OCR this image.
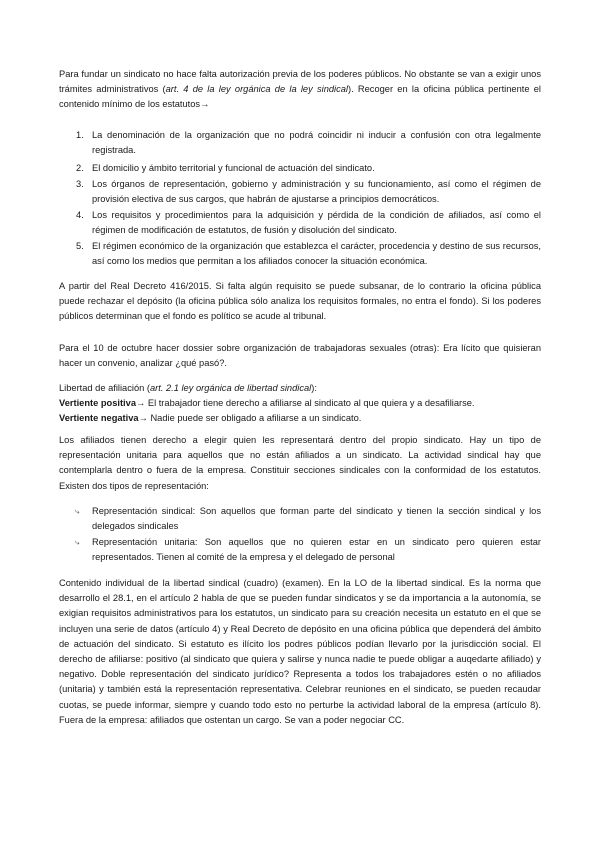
Para fundar un sindicato no hace falta autorización previa de los poderes públicos. No obstante se van a exigir unos trámites administrativos (art. 4 de la ley orgánica de la ley sindical). Recoger en la oficina pública pertinente el contenido mínimo de los estatutos→

1. La denominación de la organización que no podrá coincidir ni inducir a confusión con otra legalmente registrada.
2. El domicilio y ámbito territorial y funcional de actuación del sindicato.
3. Los órganos de representación, gobierno y administración y su funcionamiento, así como el régimen de provisión electiva de sus cargos, que habrán de ajustarse a principios democráticos.
4. Los requisitos y procedimientos para la adquisición y pérdida de la condición de afiliados, así como el régimen de modificación de estatutos, de fusión y disolución del sindicato.
5. El régimen económico de la organización que establezca el carácter, procedencia y destino de sus recursos, así como los medios que permitan a los afiliados conocer la situación económica.

A partir del Real Decreto 416/2015. Si falta algún requisito se puede subsanar, de lo contrario la oficina pública puede rechazar el depósito (la oficina pública sólo analiza los requisitos formales, no entra el fondo). Si los poderes públicos determinan que el fondo es político se acude al tribunal.

Para el 10 de octubre hacer dossier sobre organización de trabajadoras sexuales (otras): Era lícito que quisieran hacer un convenio, analizar ¿qué pasó?.

Libertad de afiliación (art. 2.1 ley orgánica de libertad sindical):

Vertiente positiva→ El trabajador tiene derecho a afiliarse al sindicato al que quiera y a desafiliarse.

Vertiente negativa→ Nadie puede ser obligado a afiliarse a un sindicato.

Los afiliados tienen derecho a elegir quien les representará dentro del propio sindicato. Hay un tipo de representación unitaria para aquellos que no están afiliados a un sindicato. La actividad sindical hay que contemplarla dentro o fuera de la empresa. Constituir secciones sindicales con la conformidad de los estatutos. Existen dos tipos de representación:

⤷	Representación sindical: Son aquellos que forman parte del sindicato y tienen la sección sindical y los delegados sindicales
⤷	Representación unitaria: Son aquellos que no quieren estar en un sindicato pero quieren estar representados. Tienen al comité de la empresa y el delegado de personal

Contenido individual de la libertad sindical (cuadro) (examen). En la LO de la libertad sindical. Es la norma que desarrollo el 28.1, en el artículo 2 habla de que se pueden fundar sindicatos y se da importancia a la autonomía, se exigian requisitos administrativos para los estatutos, un sindicato para su creación necesita un estatuto en el que se incluyen una serie de datos (artículo 4) y Real Decreto de depósito en una oficina pública que dependerá del ámbito de actuación del sindicato. Si estatuto es ilícito los podres públicos podían llevarlo por la jurisdicción social. El derecho de afiliarse: positivo (al sindicato que quiera y salirse y nunca nadie te puede obligar a auqedarte afiliado) y negativo. Doble representación del sindicato jurídico? Representa a todos los trabajadores estén o no afiliados (unitaria) y también está la representación representativa. Celebrar reuniones en el sindicato, se pueden recaudar cuotas, se puede informar, siempre y cuando todo esto no perturbe la actividad laboral de la empresa (artículo 8). Fuera de la empresa: afiliados que ostentan un cargo. Se van a poder negociar CC.
